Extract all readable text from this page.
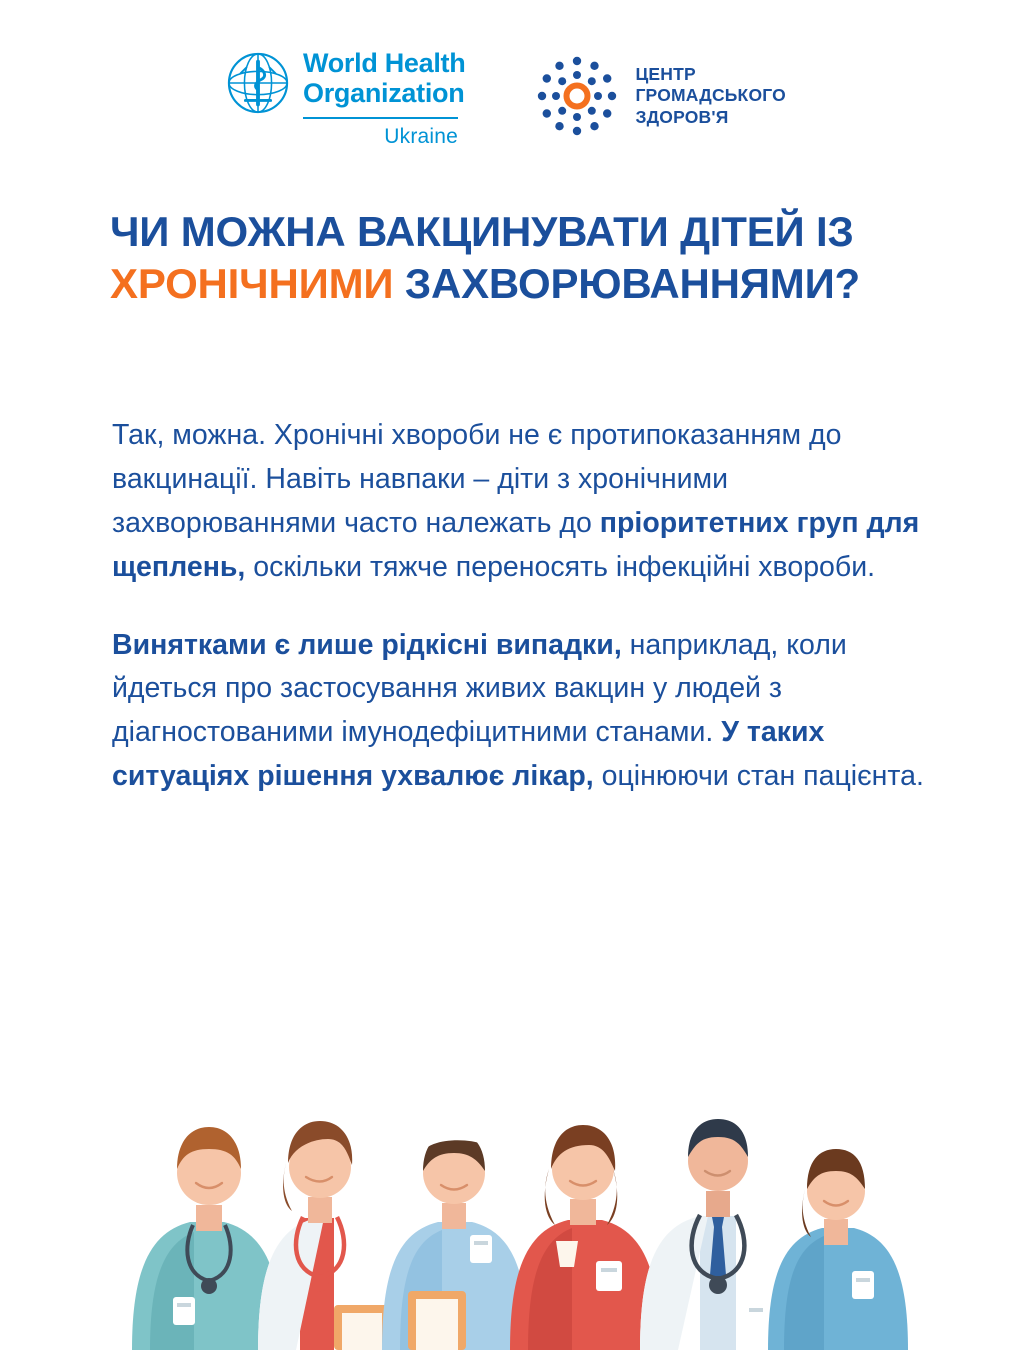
World Health
Organization
Ukraine
ЦЕНТР
ГРОМАДСЬКОГО
ЗДОРОВ'Я
ЧИ МОЖНА ВАКЦИНУВАТИ ДІТЕЙ ІЗ ХРОНІЧНИМИ ЗАХВОРЮВАННЯМИ?

Так, можна. Хронічні хвороби не є протипоказанням до вакцинації. Навіть навпаки – діти з хронічними захворюваннями часто належать до пріоритетних груп для щеплень, оскільки тяжче переносять інфекційні хвороби.

Винятками є лише рідкісні випадки, наприклад, коли йдеться про застосування живих вакцин у людей з діагностованими імунодефіцитними станами. У таких ситуаціях рішення ухвалює лікар, оцінюючи стан пацієнта.
